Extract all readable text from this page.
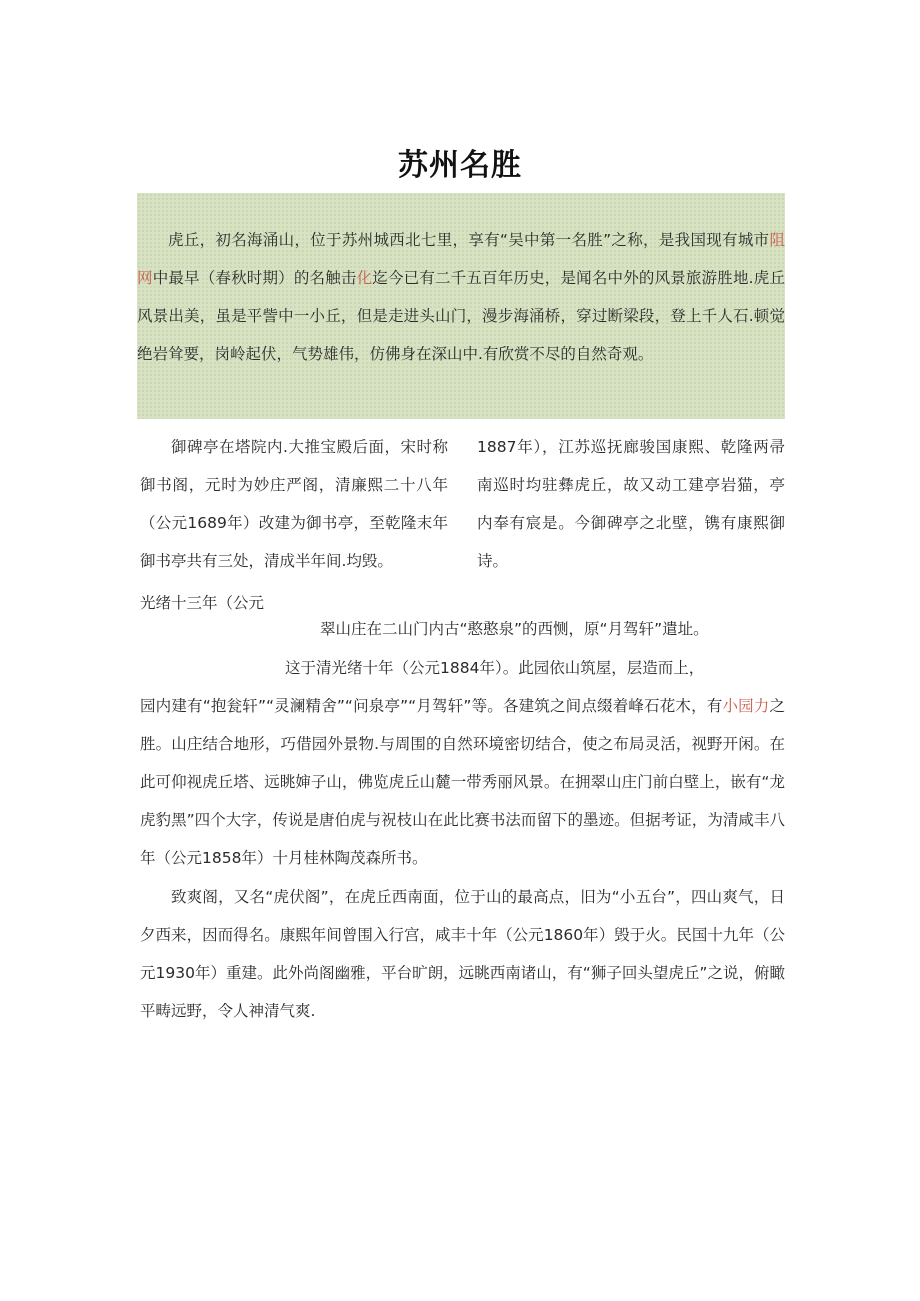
苏州名胜

虎丘，初名海涌山，位于苏州城西北七里，享有“吴中第一名胜”之称，是我国现有城市阻网中最早（春秋时期）的名触击化迄今已有二千五百年历史，是闻名中外的风景旅游胜地.虎丘风景出美，虽是平訾中一小丘，但是走进头山门，漫步海涌桥，穿过断梁段，登上千人石.顿觉绝岩耸要，岗岭起伏，气势雄伟，仿佛身在深山中.有欣赏不尽的自然奇观。

御碑亭在塔院内.大推宝殿后面，宋时称御书阁，元时为妙庄严阁，清廉熙二十八年（公元1689年）改建为御书亭，至乾隆末年御书亭共有三处，清成半年间.均毁。

1887年），江苏巡抚廊骏国康熙、乾隆两帚南巡时均驻彝虎丘，故又动工建亭岩猫，亭内奉有宸是。今御碑亭之北壁，镌有康熙御诗。

光绪十三年（公元

翠山庄在二山门内古“憨憨泉”的西恻，原“月驾轩”遣址。

这于清光绪十年（公元1884年）。此园依山筑屋，层造而上，

园内建有“抱瓮轩”“灵澜精舍”“问泉亭”“月驾轩”等。各建筑之间点缀着峰石花木，有小园力之胜。山庄结合地形，巧借园外景物.与周围的自然环境密切结合，使之布局灵活，视野开闲。在此可仰视虎丘塔、远眺婶子山，佛览虎丘山麓一带秀丽风景。在拥翠山庄门前白壁上，嵌有“龙虎豹黑”四个大字，传说是唐伯虎与祝枝山在此比赛书法而留下的墨迹。但据考证，为清咸丰八年（公元1858年）十月桂林陶茂森所书。

致爽阁，又名“虎伏阁”，在虎丘西南面，位于山的最高点，旧为“小五台”，四山爽气，日夕西来，因而得名。康熙年间曾围入行宫，咸丰十年（公元1860年）毁于火。民国十九年（公元1930年）重建。此外尚阁幽雅，平台旷朗，远眺西南诸山，有“狮子回头望虎丘”之说，俯瞰平畴远野，令人神清气爽.
